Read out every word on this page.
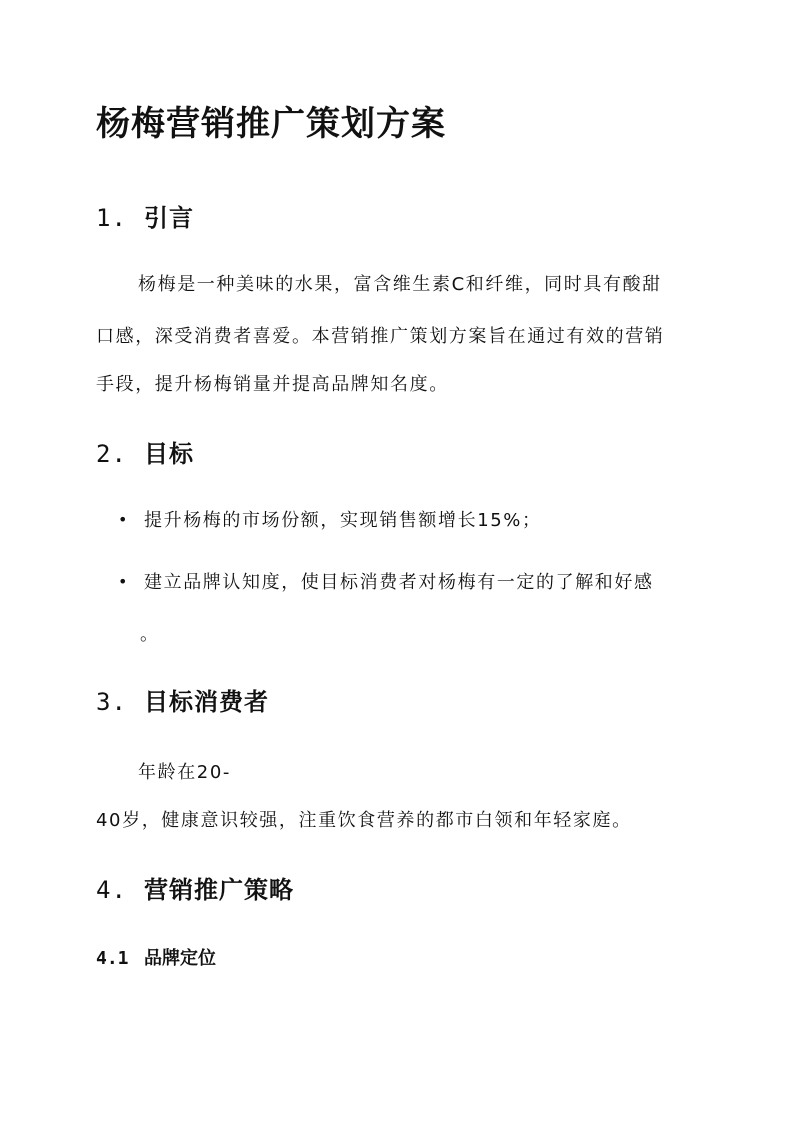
杨梅营销推广策划方案
1. 引言
杨梅是一种美味的水果，富含维生素C和纤维，同时具有酸甜
口感，深受消费者喜爱。本营销推广策划方案旨在通过有效的营销
手段，提升杨梅销量并提高品牌知名度。
2. 目标
• 提升杨梅的市场份额，实现销售额增长15%；
• 建立品牌认知度，使目标消费者对杨梅有一定的了解和好感
。
3. 目标消费者
年龄在20-
40岁，健康意识较强，注重饮食营养的都市白领和年轻家庭。
4. 营销推广策略
4.1 品牌定位
